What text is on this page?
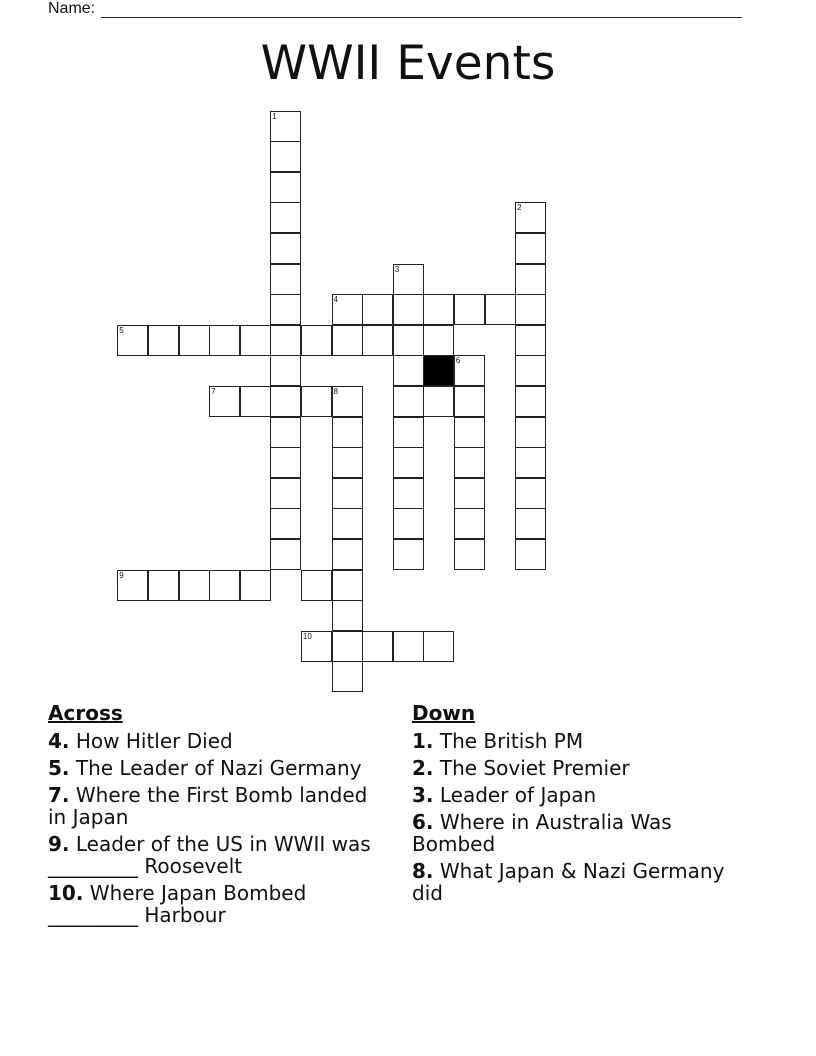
Name:
WWII Events
1
2
3
4
5
6
7	8
9
10
Across
4. How Hitler Died
5. The Leader of Nazi Germany
7. Where the First Bomb landed in Japan
9. Leader of the US in WWII was _________ Roosevelt
10. Where Japan Bombed _________ Harbour
Down
1. The British PM
2. The Soviet Premier
3. Leader of Japan
6. Where in Australia Was Bombed
8. What Japan & Nazi Germany did
